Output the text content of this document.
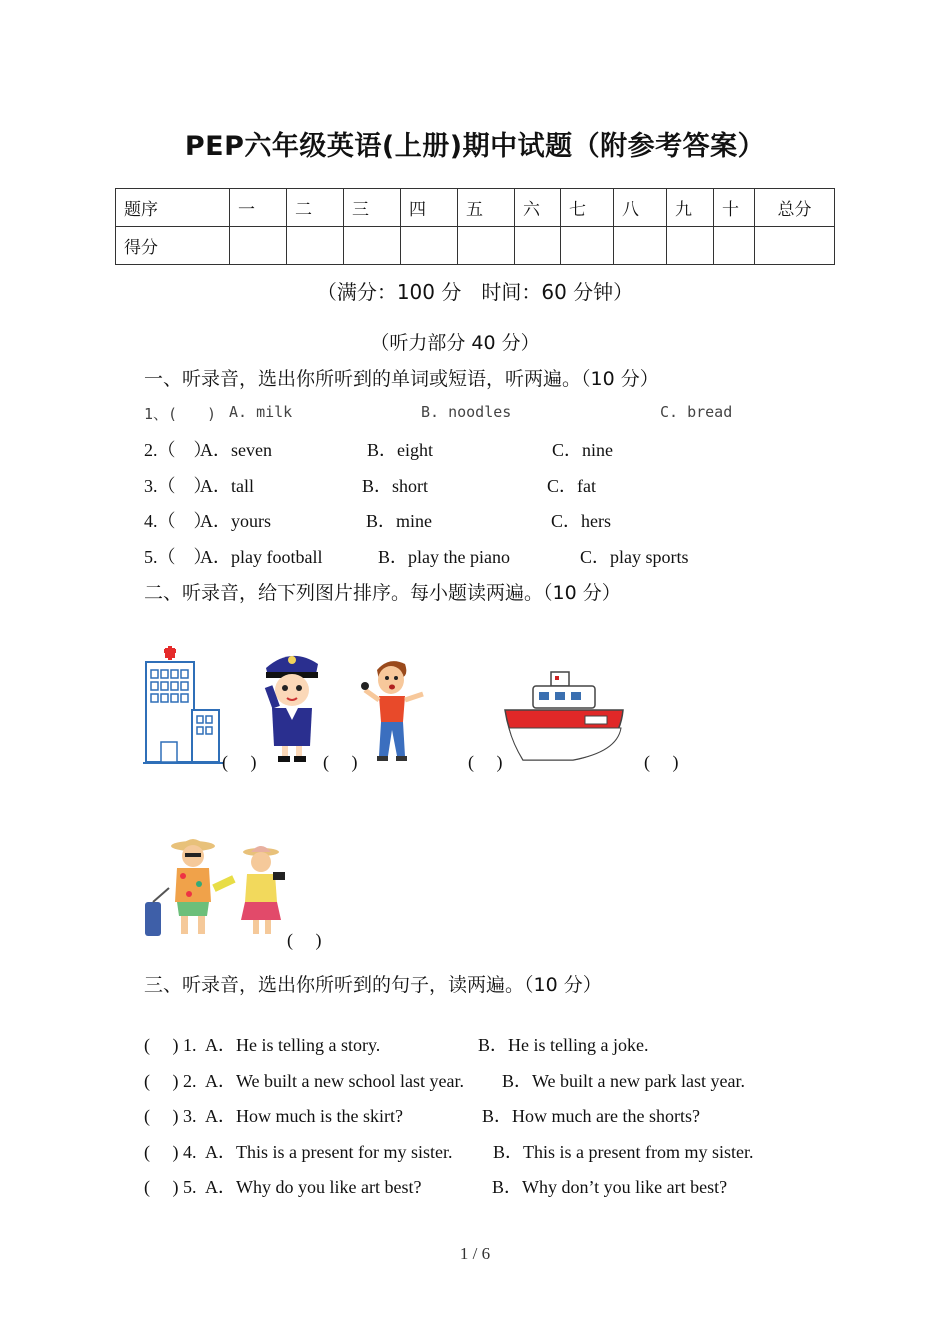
PEP六年级英语(上册)期中试题（附参考答案）
题序	一	二	三	四	五	六	七	八	九	十	总分
得分											
（满分：100 分　时间：60 分钟）
（听力部分 40 分）
一、听录音，选出你所听到的单词或短语，听两遍。（10 分）
1、(　　) A. milk	B. noodles	C. bread
2.（　）
A．seven	B．eight	C．nine
3.（　）
A．tall	B．short	C．fat
4.（　）
A．yours	B．mine	C．hers
5.（　）
A．play football	B．play the piano	C．play sports
二、听录音，给下列图片排序。每小题读两遍。（10 分）
(　 )	(　 )	(　 )	(　 )
(　 )
三、听录音，选出你所听到的句子，读两遍。（10 分）
(　 ) 1. A．He is telling a story.	B．He is telling a joke.
(　 ) 2. A．We built a new school last year. B．We built a new park last year.
(　 ) 3. A．How much is the skirt?	B．How much are the shorts?
(　 ) 4. A．This is a present for my sister. B．This is a present from my sister.
(　 ) 5. A．Why do you like art best?	B．Why don’t you like art best?
1 / 6
